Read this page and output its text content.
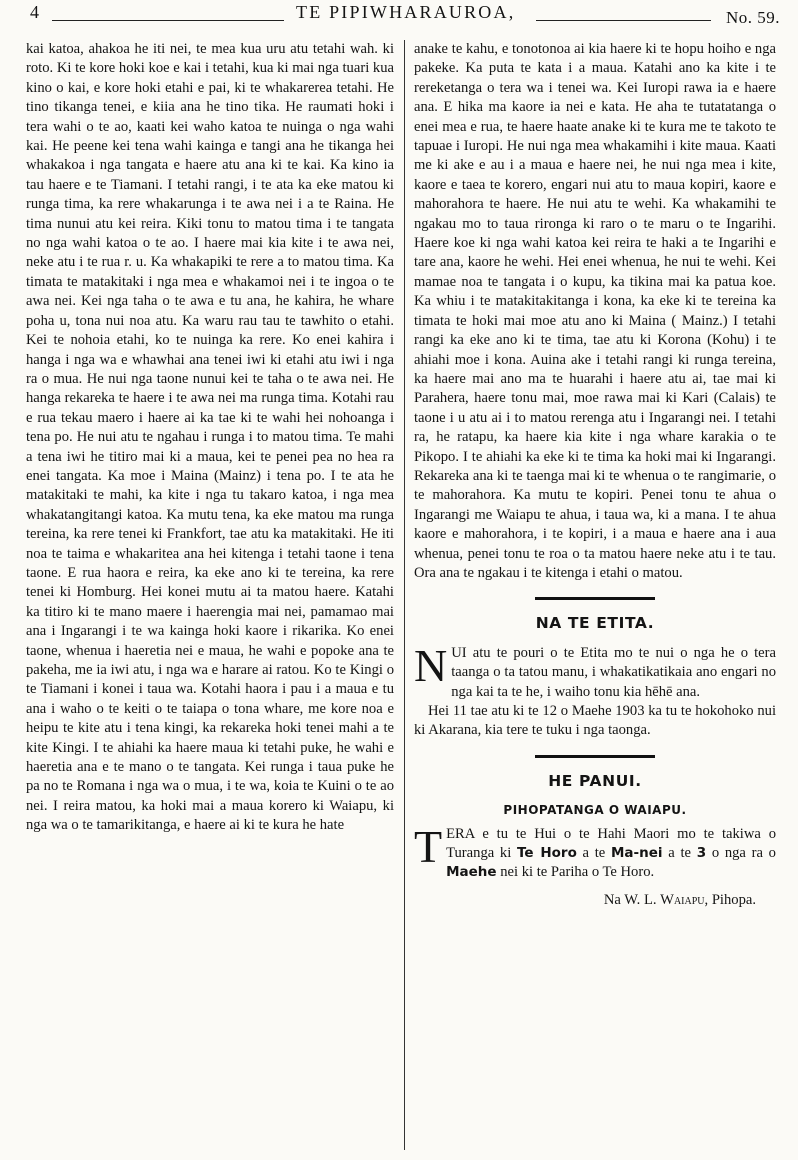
4	TE PIPIWHARAUROA,	No. 59.

kai katoa, ahakoa he iti nei, te mea kua uru atu tetahi wah. ki roto. Ki te kore hoki koe e kai i tetahi, kua ki mai nga tuari kua kino o kai, e kore hoki etahi e pai, ki te whakarerea tetahi. He tino tikanga tenei, e kiia ana he tino tika. He raumati hoki i tera wahi o te ao, kaati kei waho katoa te nuinga o nga wahi kai. He peene kei tena wahi kainga e tangi ana he tikanga hei whakakoa i nga tangata e haere atu ana ki te kai. Ka kino ia tau haere e te Tiamani. I tetahi rangi, i te ata ka eke matou ki runga tima, ka rere whakarunga i te awa nei i a te Raina. He tima nunui atu kei reira. Kiki tonu to matou tima i te tangata no nga wahi katoa o te ao. I haere mai kia kite i te awa nei, neke atu i te rua r. u. Ka whakapiki te rere a to matou tima. Ka timata te matakitaki i nga mea e whakamoi nei i te ingoa o te awa nei. Kei nga taha o te awa e tu ana, he kahira, he whare poha u, tona nui noa atu. Ka waru rau tau te tawhito o etahi. Kei te nohoia etahi, ko te nuinga ka rere. Ko enei kahira i hanga i nga wa e whawhai ana tenei iwi ki etahi atu iwi i nga ra o mua. He nui nga taone nunui kei te taha o te awa nei. He hanga rekareka te haere i te awa nei ma runga tima. Kotahi rau e rua tekau maero i haere ai ka tae ki te wahi hei nohoanga i tena po. He nui atu te ngahau i runga i to matou tima. Te mahi a tena iwi he titiro mai ki a maua, kei te penei pea no hea ra enei tangata. Ka moe i Maina (Mainz) i tena po. I te ata he matakitaki te mahi, ka kite i nga tu takaro katoa, i nga mea whakatangitangi katoa. Ka mutu tena, ka eke matou ma runga tereina, ka rere tenei ki Frankfort, tae atu ka matakitaki. He iti noa te taima e whakaritea ana hei kitenga i tetahi taone i tena taone. E rua haora e reira, ka eke ano ki te tereina, ka rere tenei ki Homburg. Hei konei mutu ai ta matou haere. Katahi ka titiro ki te mano maere i haerengia mai nei, pamamao mai ana i Ingarangi i te wa kainga hoki kaore i rikarika. Ko enei taone, whenua i haeretia nei e maua, he wahi e popoke ana te pakeha, me ia iwi atu, i nga wa e harare ai ratou. Ko te Kingi o te Tiamani i konei i taua wa. Kotahi haora i pau i a maua e tu ana i waho o te keiti o te taiapa o tona whare, me kore noa e heipu te kite atu i tena kingi, ka rekareka hoki tenei mahi a te kite Kingi. I te ahiahi ka haere maua ki tetahi puke, he wahi e haeretia ana e te mano o te tangata. Kei runga i taua puke he pa no te Romana i nga wa o mua, i te wa, koia te Kuini o te ao nei. I reira matou, ka hoki mai a maua korero ki Waiapu, ki nga wa o te tamarikitanga, e haere ai ki te kura he hate

anake te kahu, e tonotonoa ai kia haere ki te hopu hoiho e nga pakeke. Ka puta te kata i a maua. Katahi ano ka kite i te rereketanga o tera wa i tenei wa. Kei Iuropi rawa ia e haere ana. E hika ma kaore ia nei e kata. He aha te tutatatanga o enei mea e rua, te haere haate anake ki te kura me te takoto te tapuae i Iuropi. He nui nga mea whakamihi i kite maua. Kaati me ki ake e au i a maua e haere nei, he nui nga mea i kite, kaore e taea te korero, engari nui atu to maua kopiri, kaore e mahorahora te haere. He nui atu te wehi. Ka whakamihi te ngakau mo to taua rironga ki raro o te maru o te Ingarihi. Haere koe ki nga wahi katoa kei reira te haki a te Ingarihi e tare ana, kaore he wehi. Hei enei whenua, he nui te wehi. Kei mamae noa te tangata i o kupu, ka tikina mai ka patua koe. Ka whiu i te matakitakitanga i kona, ka eke ki te tereina ka timata te hoki mai moe atu ano ki Maina ( Mainz.) I tetahi rangi ka eke ano ki te tima, tae atu ki Korona (Kohu) i te ahiahi moe i kona. Auina ake i tetahi rangi ki runga tereina, ka haere mai ano ma te huarahi i haere atu ai, tae mai ki Parahera, haere tonu mai, moe rawa mai ki Kari (Calais) te taone i u atu ai i to matou rerenga atu i Ingarangi nei. I tetahi ra, he ratapu, ka haere kia kite i nga whare karakia o te Pikopo. I te ahiahi ka eke ki te tima ka hoki mai ki Ingarangi. Rekareka ana ki te taenga mai ki te whenua o te rangimarie, o te mahorahora. Ka mutu te kopiri. Penei tonu te ahua o Ingarangi me Waiapu te ahua, i taua wa, ki a mana. I te ahua kaore e mahorahora, i te kopiri, i a maua e haere ana i aua whenua, penei tonu te roa o ta matou haere neke atu i te tau. Ora ana te ngakau i te kitenga i etahi o matou.

NA TE ETITA.

N UI atu te pouri o te Etita mo te nui o nga he o tera taanga o ta tatou manu, i whakatikatikaia ano engari no nga kai ta te he, i waiho tonu kia hēhē ana.

Hei 11 tae atu ki te 12 o Maehe 1903 ka tu te hokohoko nui ki Akarana, kia tere te tuku i nga taonga.

HE PANUI.
PIHOPATANGA O WAIAPU.

T ERA e tu te Hui o te Hahi Maori mo te takiwa o Turanga ki Te Horo a te Ma-nei a te 3 o nga ra o Maehe nei ki te Pariha o Te Horo.

Na W. L. Waiapu, Pihopa.
